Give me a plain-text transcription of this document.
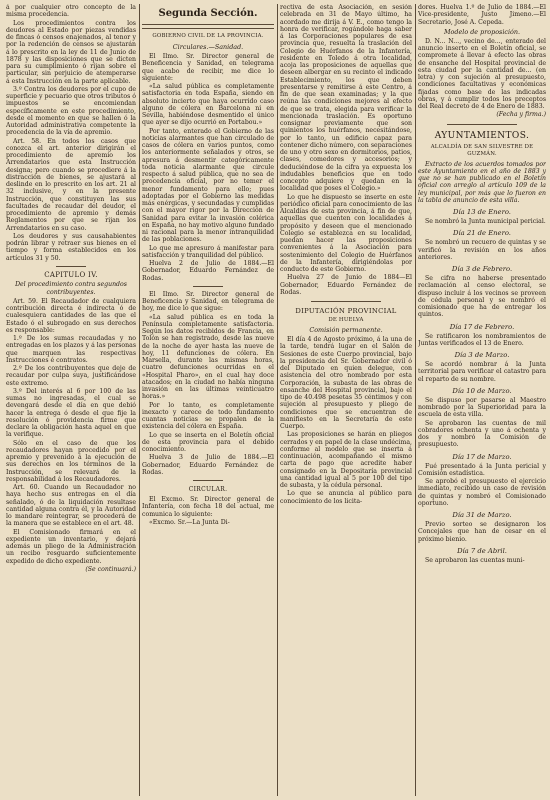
á por cualquier otro concepto de la misma procedencia.

Los procedimientos contra los deudores al Estado por piezas vendidas de fincas ó censos enajenados, al tenor y por la redención de censos se ajustarán á lo prescrito en la ley de 11 de Junio de 1878 y las disposiciones que se dicten para su cumplimiento ó rijan sobre el particular, sin perjuicio de atemperarse á esta Instrucción en la parte aplicable.

3.º Contra los deudores por el cupo de superficie y pecuario que otros tributos ó impuestos se encomiendan específicamente en este procedimiento, desde el momento en que se hallen ó la Autoridad administrativa competente la procedencia de la vía de apremio.

Art. 58. En todos los casos que conozca el art. anterior dirigirán el procedimiento de apremio los Arrendatarios que esta Instrucción designa; pero cuando se procediere á la distracción de bienes, se ajustará al deslinde en lo prescrito en los art. 21 al 32 inclusive, y en la presente Instrucción, que constituyen las sus facultades de recaudar del deudor, el procedimiento de apremio y demás Reglamentos por que se rijan los Arrendatarios en su caso.

Los deudores y sus causahabientes podrán librar y retraer sus bienes en el tiempo y forma establecidos en los artículos 31 y 50.

CAPITULO IV.
Del procedimiento contra segundos contribuyentes.

Art. 59. El Recaudador de cualquiera contribución directa é indirecta ó de cualesquiera cantidades de las que el Estado ó el subrogado en sus derechos es responsable:

1.º De los sumas recaudadas y no entregadas en los plazos y á las personas que marquen las respectivas Instrucciones é contratos.

2.º De los contribuyentes que deje de recaudar por culpa suya, justificándose este extremo.

3.º Del interés al 6 por 100 de las sumas no ingresadas, el cual se devengará desde el día en que debió hacer la entrega ó desde el que fije la resolución ó providencia firme que declare la obligación hasta aquel en que la verifique.

Sólo en el caso de que los recaudadores hayan procedido por el apremio y prevenido á la ejecución de sus derechos en los términos de la Instrucción, se relevará de la responsabilidad á los Recaudadores.

Art. 60. Cuando un Recaudador no haya hecho sus entregas en el día señalado, ó de la liquidación resultase cantidad alguna contra él, y la Autoridad lo mandare reintegrar, se procederá de la manera que se establece en el art. 48.

El Comisionado firmará en el expediente un inventario, y dejará además un pliego de la Administración un recibo resguardo suficientemente expedido de dicho expediente.

(Se continuará.)

Segunda Sección.
GOBIERNO CIVIL DE LA PROVINCIA.
Circulares.—Sanidad.

El Ilmo. Sr. Director general de Beneficencia y Sanidad, en telegrama que acabo de recibir, me dice lo siguiente:

«La salud pública es completamente satisfactoria en toda España, siendo en absoluto incierto que haya ocurrido caso alguno de cólera en Barcelona ni en Sevilla, habiéndose desmentido el único que ayer se dijo ocurrió en Portabou.»

Por tanto, enterado el Gobierno de las noticias alarmantes que han circulado de casos de cólera en varios puntos, como los anteriormente señalados y otros, se apresura á desmentir categóricamente toda noticia alarmante que circule respecto á salud pública, que no sea de procedencia oficial, por no temer el menor fundamento para ello; pues adoptadas por el Gobierno las medidas más enérgicas, y secundadas y cumplidas con el mayor rigor por la Dirección de Sanidad para evitar la invasión colérica en España, no hay motivo alguno fundado ni racional para la menor intranquilidad de las poblaciones.

Lo que me apresuro á manifestar para satisfacción y tranquilidad del público.

Huelva 2 de Julio de 1884.—El Gobernador, Eduardo Fernández de Rodas.

El Ilmo. Sr. Director general de Beneficencia y Sanidad, en telegrama de hoy, me dice lo que sigue:

«La salud pública es en toda la Península completamente satisfactoria. Según los datos recibidos de Francia, en Tolón se han registrado, desde las nueve de la noche de ayer hasta las nueve de hoy, 11 defunciones de cólera. En Marsella, durante las mismas horas, cuatro defunciones ocurridas en el «Hospital Pharo», en el cual hay doce atacados; en la ciudad no había ninguna invasión en las últimas veinticuatro horas.»

Por lo tanto, es completamente inexacto y carece de todo fundamento cuantas noticias se propalen de la existencia del cólera en España.

Lo que se inserta en el Boletín oficial de esta provincia para el debido conocimiento.

Huelva 3 de Julio de 1884.—El Gobernador, Eduardo Fernández de Rodas.

CIRCULAR.

El Excmo. Sr. Director general de Infantería, con fecha 18 del actual, me comunica lo siguiente:

«Excmo. Sr.—La Junta Di-

rectiva de esta Asociación, en sesión celebrada en 31 de Mayo último, ha acordado me dirija á V. E., como tengo la honra de verificar, rogándole haga saber á las Corporaciones populares de esa provincia que, resuelta la traslación del Colegio de Huérfanos de la Infantería, residente en Toledo á otra localidad, acoja las proposiciones de aquellas que deseen albergar en su recinto el indicado Establecimiento, los que deben presentarse y remitirse á este Centro, á fin de que sean examinadas; y la que reúna las condiciones mejores al efecto de que se trata, elegida para verificar la mencionada traslación. Es oportuno consignar previamente que son quinientos los huérfanos, necesitándose, por lo tanto, un edificio capaz para contener dicho número, con separaciones de uno y otro sexo en dormitorios, patios, clases, comedores y accesorios; y deduciéndose de la cifra ya expuesta los indudables beneficios que en todo concepto adquiere y quedan en la localidad que poses el Colegio.»

Lo que he dispuesto se inserte en este periódico oficial para conocimiento de las Alcaldías de esta provincia, á fin de que, aquellas que cuenten con localidades á propósito y deseen que el mencionado Colegio se establezca en su localidad, puedan hacer las proposiciones convenientes á la Asociación para sostenimiento del Colegio de Huérfanos de la Infantería, dirigiéndolas por conducto de este Gobierno.

Huelva 27 de Junio de 1884—El Gobernador, Eduardo Fernández de Rodas.

DIPUTACIÓN PROVINCIAL
DE HUELVA
Comisión permanente.

El día 4 de Agosto próximo, á la una de la tarde, tendrá lugar en el Salón de Sesiones de este Cuerpo provincial, bajo la presidencia del Sr. Gobernador civil ó del Diputado en quien delegue, con asistencia del otro nombrado por esta Corporación, la subasta de las obras de ensanche del Hospital provincial, bajo el tipo de 40.498 pesetas 35 céntimos y con sujeción al presupuesto y pliego de condiciones que se encuentran de manifiesto en la Secretaría de este Cuerpo.

Las proposiciones se harán en pliegos cerrados y en papel de la clase undécima, conforme al modelo que se inserta á continuación, acompañando el mismo carta de pago que acredite haber consignado en la Depositaría provincial una cantidad igual al 5 por 100 del tipo de subasta, y la cédula personal.

Lo que se anuncia al público para conocimiento de los licita-

dores. Huelva 1.º de Julio de 1884.—El Vice-presidente, Justo Jimeno.—El Secretario, José A. Cepeda.

Modelo de proposición.

D. N... N..., vecino de..., enterado del anuncio inserto en el Boletín oficial, se compromete á llevar á efecto las obras de ensanche del Hospital provincial de esta ciudad por la cantidad de... (en letra) y con sujeción al presupuesto, condiciones facultativas y económicas fijadas como base de las indicadas obras, y á cumplir todos los preceptos del Real decreto de 4 de Enero de 1883.

(Fecha y firma.)

AYUNTAMIENTOS.
ALCALDÍA DE SAN SILVESTRE DE GUZMÁN.

Extracto de los acuerdos tomados por este Ayuntamiento en el año de 1883 y que no se han publicado en el Boletín oficial con arreglo al artículo 109 de la ley municipal, por más que lo fueron en la tabla de anuncio de esta villa.

Día 13 de Enero.

Se nombró la Junta municipal pericial.

Día 21 de Enero.

Se nombró un recuero de quintas y se verificó la revisión en los años anteriores.

Día 3 de Febrero.

Se cifra no haberse presentado reclamación al censo electoral, se dispuso incluir á los vecinos se proveen de cédula personal y se nombró el comisionado que ha de entregar los quintos.

Día 17 de Febrero.

Se ratificaron los nombramientos de Juntas verificados el 13 de Enero.

Día 3 de Marzo.

Se acordó nombrar á la Junta territorial para verificar el catastro para el reparto de su nombre.

Día 10 de Marzo.

Se dispuso por pasarse al Maestro nombrado por la Superioridad para la escuela de esta villa.

Se aprobaron las cuentas de mil cobradores ochenta y uno á ochenta y dos y nombró la Comisión de presupuesto.

Día 17 de Marzo.

Fué presentado á la Junta pericial y Comisión estadística.

Se aprobó el presupuesto el ejercicio inmediato, recibido un caso de revisión de quintas y nombró el Comisionado oportuno.

Día 31 de Marzo.

Previo sorteo se designaron los Concejales que han de cesar en el próximo bienio.

Día 7 de Abril.

Se aprobaron las cuentas muni-
